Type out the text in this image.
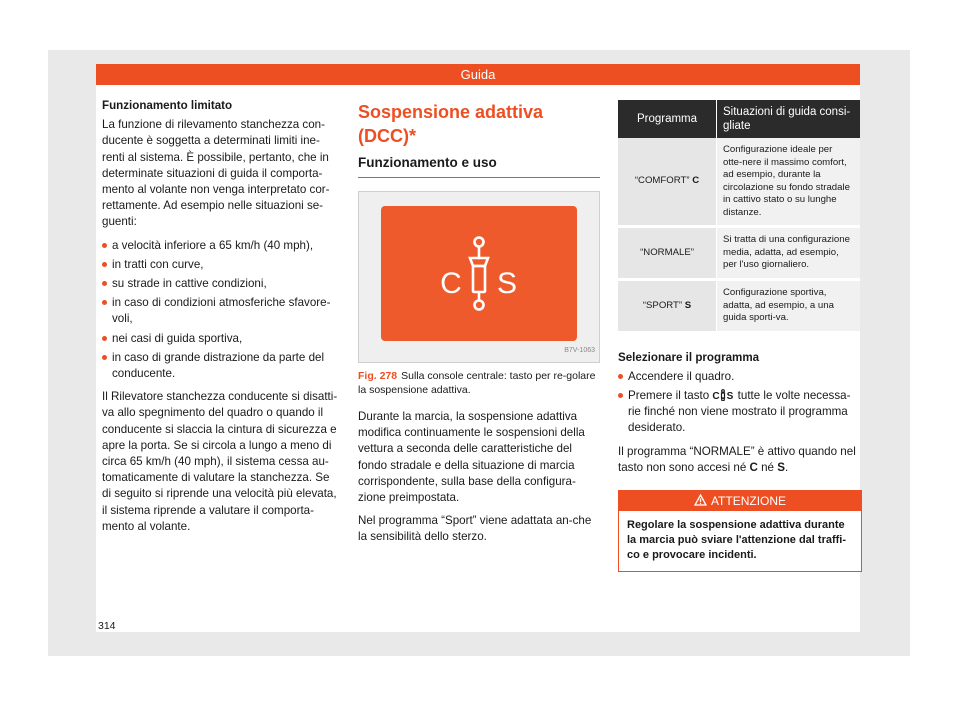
Guida

Funzionamento limitato

La funzione di rilevamento stanchezza con-ducente è soggetta a determinati limiti ine-renti al sistema. È possibile, pertanto, che in determinate situazioni di guida il comporta-mento al volante non venga interpretato cor-rettamente. Ad esempio nelle situazioni se-guenti:

a velocità inferiore a 65 km/h (40 mph),
in tratti con curve,
su strade in cattive condizioni,
in caso di condizioni atmosferiche sfavore-voli,
nei casi di guida sportiva,
in caso di grande distrazione da parte del conducente.

Il Rilevatore stanchezza conducente si disatti-va allo spegnimento del quadro o quando il conducente si slaccia la cintura di sicurezza e apre la porta. Se si circola a lungo a meno di circa 65 km/h (40 mph), il sistema cessa au-tomaticamente di valutare la stanchezza. Se di seguito si riprende una velocità più elevata, il sistema riprende a valutare il comporta-mento al volante.

Sospensione adattiva (DCC)*
Funzionamento e uso
C S
B7V-1063
Fig. 278 Sulla console centrale: tasto per re-golare la sospensione adattiva.

Durante la marcia, la sospensione adattiva modifica continuamente le sospensioni della vettura a seconda delle caratteristiche del fondo stradale e della situazione di marcia corrispondente, sulla base della configura-zione preimpostata.

Nel programma “Sport” viene adattata an-che la sensibilità dello sterzo.

Programma	Situazioni di guida consi-gliate
“COMFORT” C	Configurazione ideale per otte-nere il massimo comfort, ad esempio, durante la circolazione su fondo stradale in cattivo stato o su lunghe distanze.
“NORMALE”	Si tratta di una configurazione media, adatta, ad esempio, per l'uso giornaliero.
“SPORT” S	Configurazione sportiva, adatta, ad esempio, a una guida sporti-va.

Selezionare il programma

Accendere il quadro.
Premere il tasto C S tutte le volte necessa-rie finché non viene mostrato il programma desiderato.

Il programma “NORMALE” è attivo quando nel tasto non sono accesi né C né S.

ATTENZIONE
Regolare la sospensione adattiva durante la marcia può sviare l'attenzione dal traffi-co e provocare incidenti.
314
